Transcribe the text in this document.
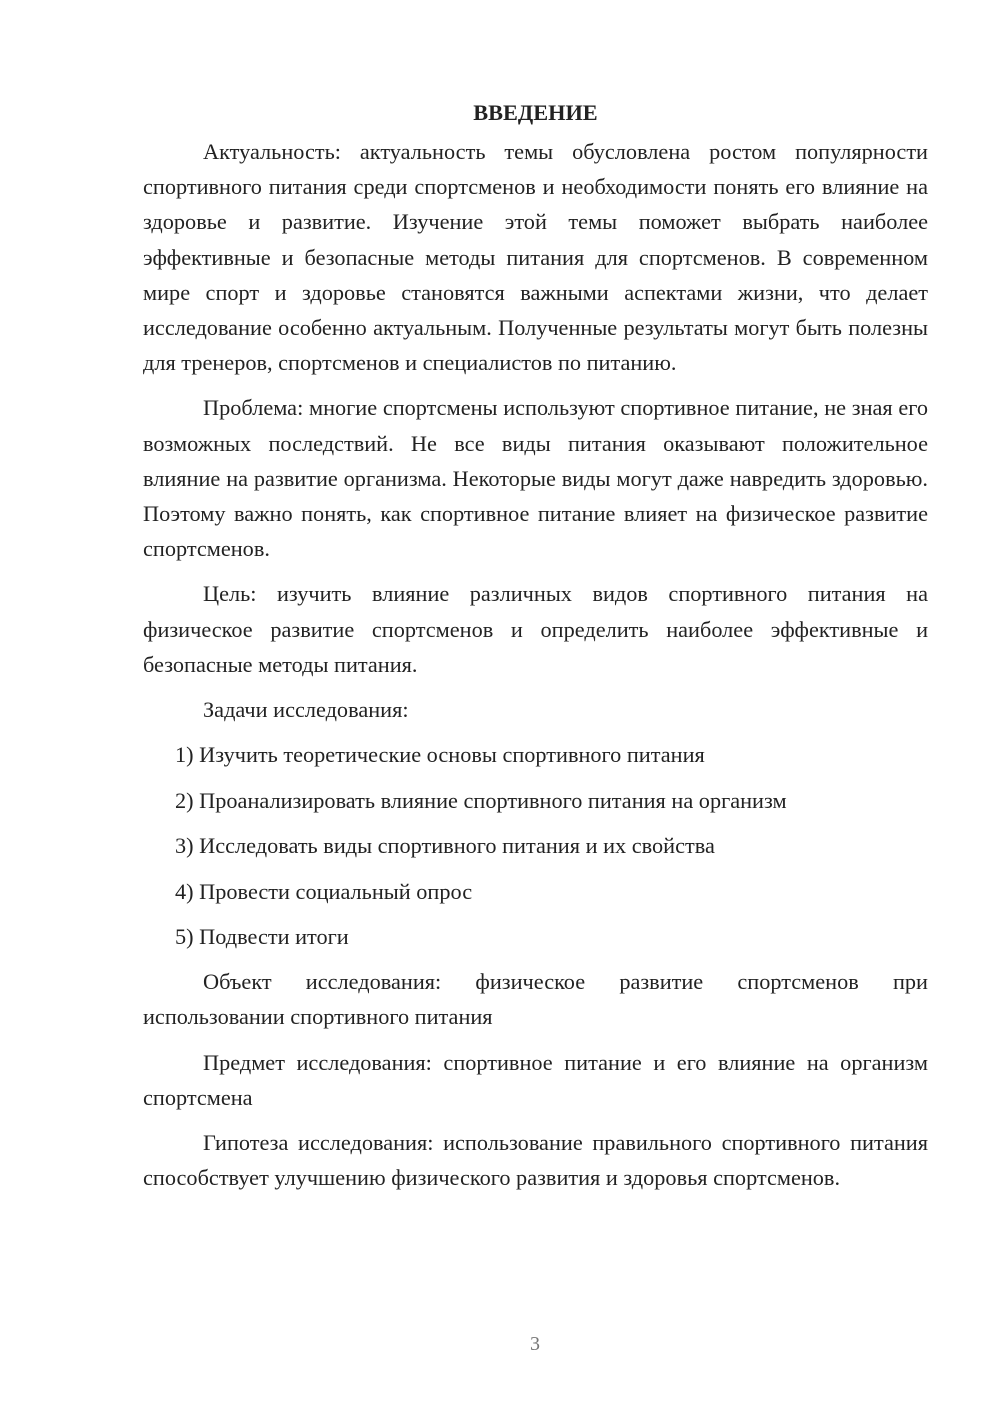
ВВЕДЕНИЕ

Актуальность: актуальность темы обусловлена ростом популярности спортивного питания среди спортсменов и необходимости понять его влияние на здоровье и развитие. Изучение этой темы поможет выбрать наиболее эффективные и безопасные методы питания для спортсменов. В современном мире спорт и здоровье становятся важными аспектами жизни, что делает исследование особенно актуальным. Полученные результаты могут быть полезны для тренеров, спортсменов и специалистов по питанию.

Проблема: многие спортсмены используют спортивное питание, не зная его возможных последствий. Не все виды питания оказывают положительное влияние на развитие организма. Некоторые виды могут даже навредить здоровью. Поэтому важно понять, как спортивное питание влияет на физическое развитие спортсменов.

Цель: изучить влияние различных видов спортивного питания на физическое развитие спортсменов и определить наиболее эффективные и безопасные методы питания.

Задачи исследования:

1) Изучить теоретические основы спортивного питания
2) Проанализировать влияние спортивного питания на организм
3) Исследовать виды спортивного питания и их свойства
4) Провести социальный опрос
5) Подвести итоги

Объект исследования: физическое развитие спортсменов при использовании спортивного питания

Предмет исследования: спортивное питание и его влияние на организм спортсмена

Гипотеза исследования: использование правильного спортивного питания способствует улучшению физического развития и здоровья спортсменов.

3
